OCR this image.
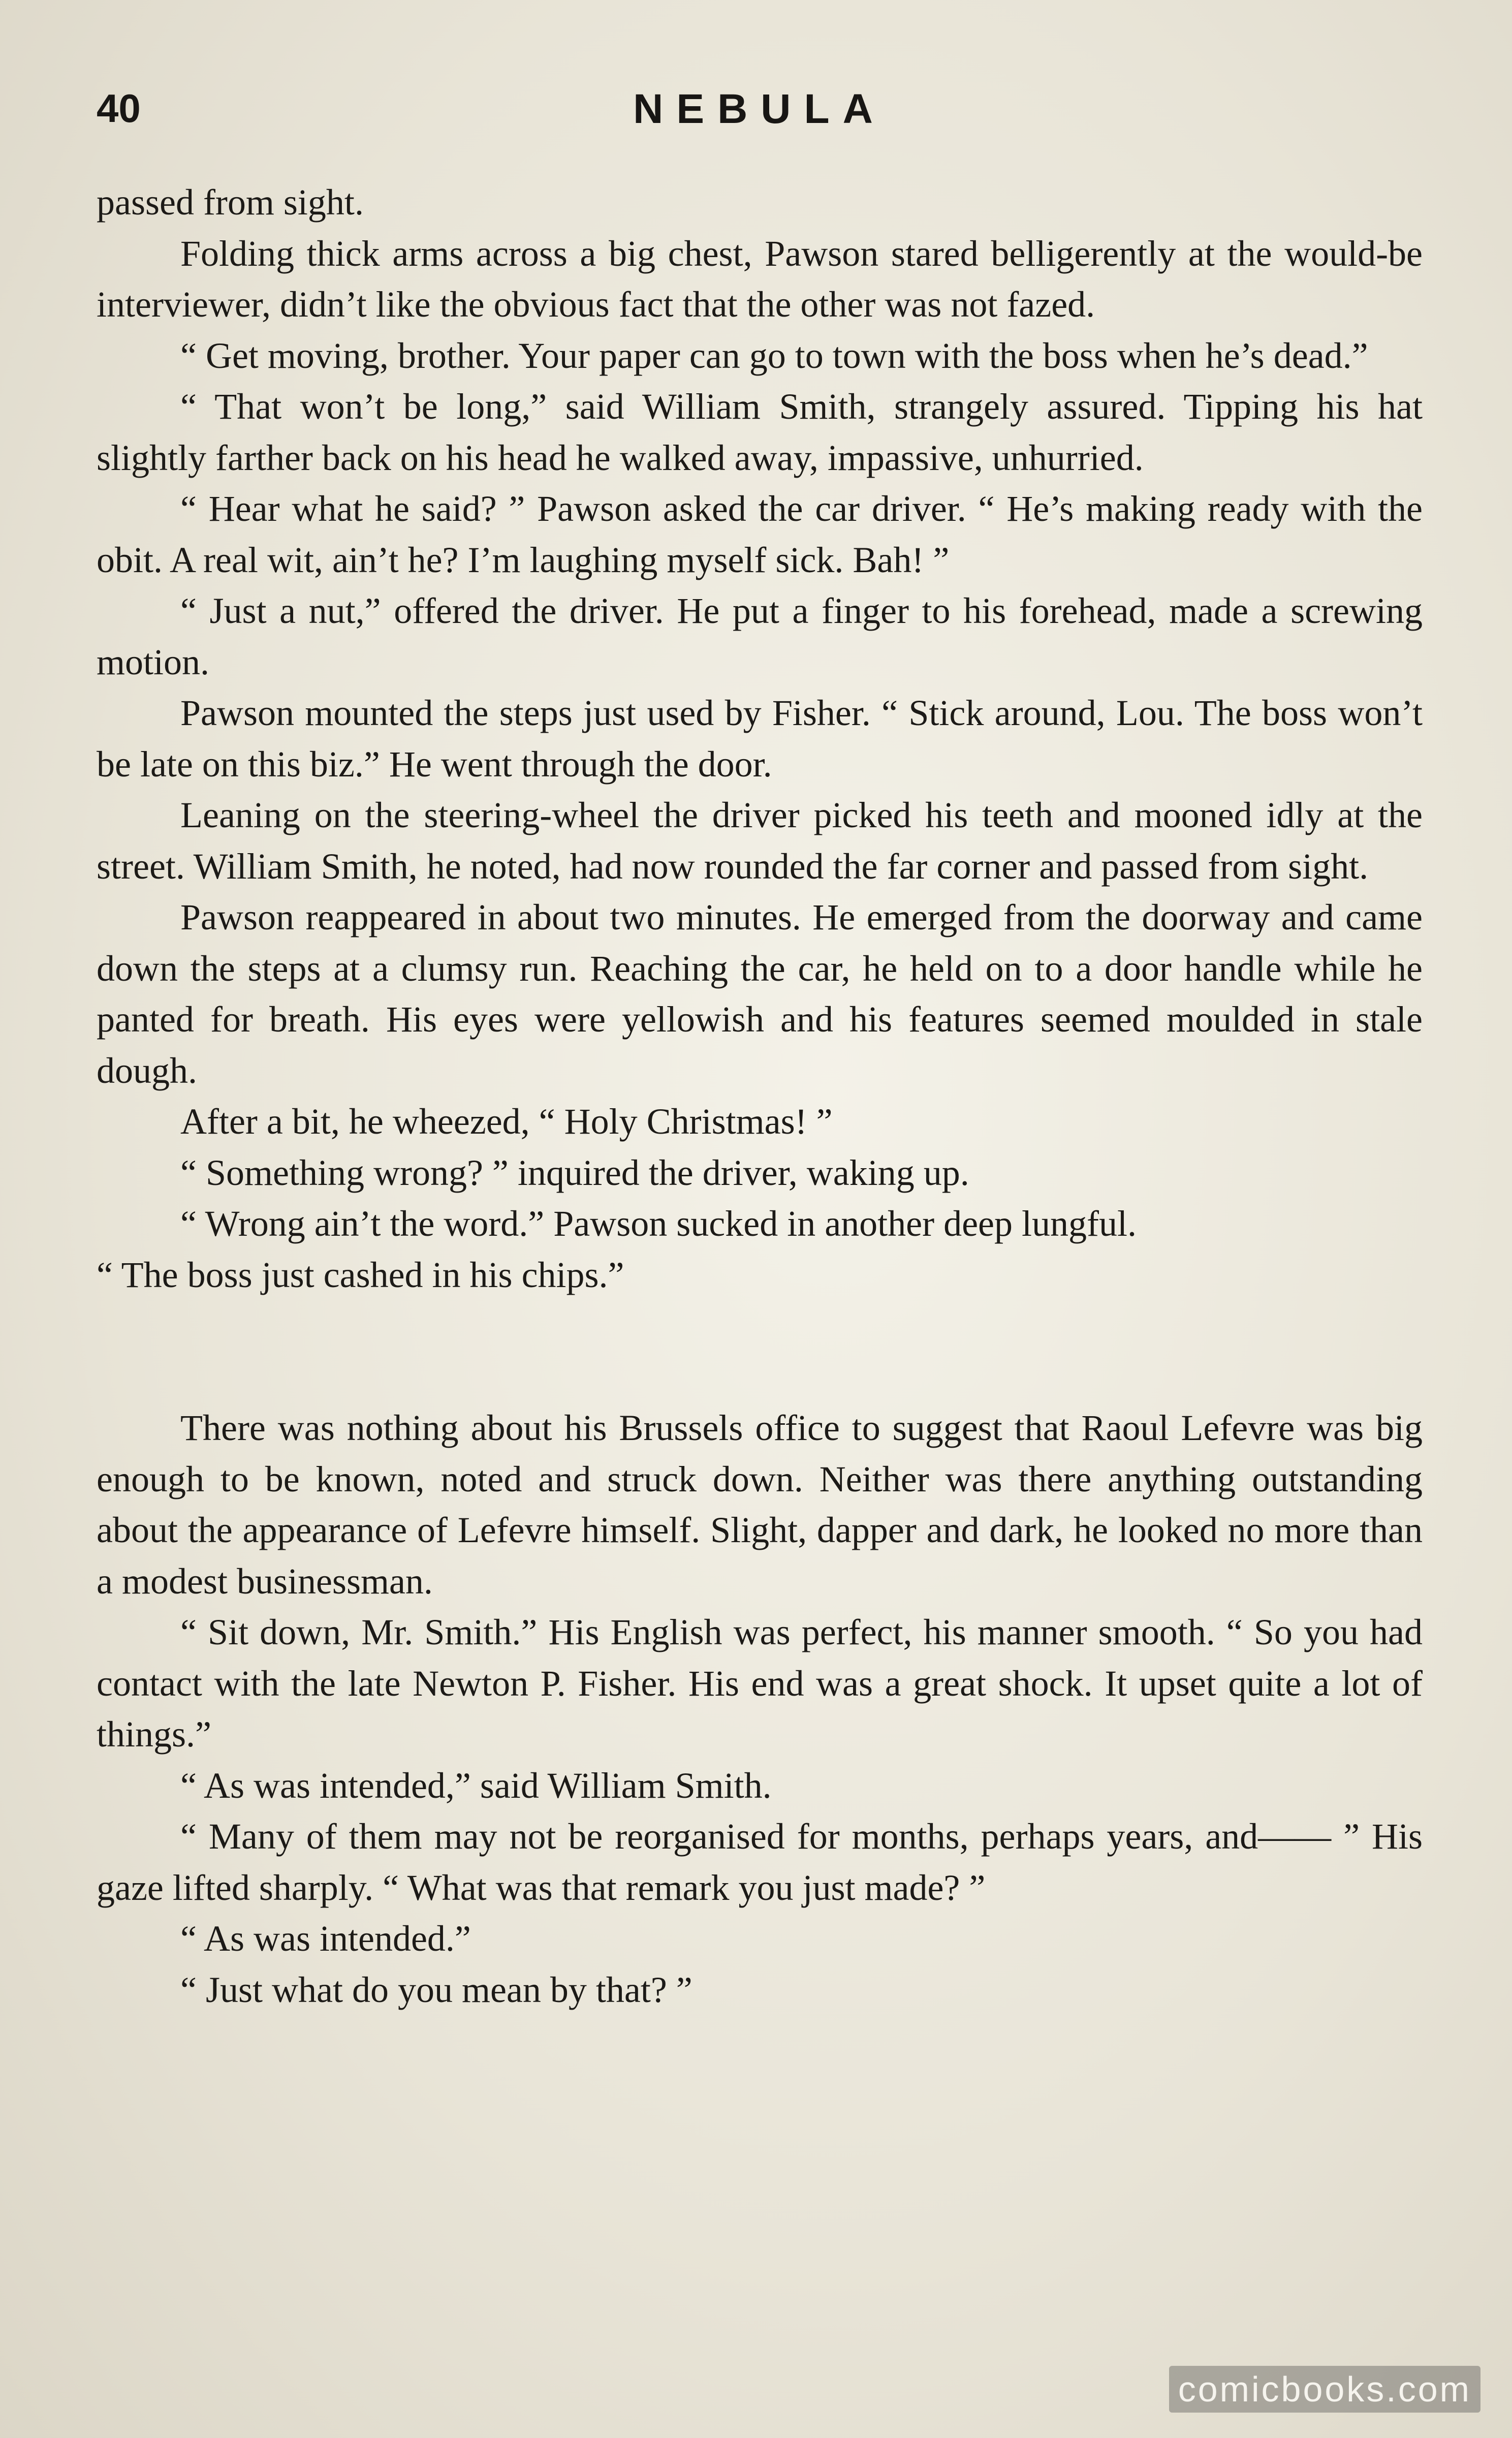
40	NEBULA

passed from sight.

Folding thick arms across a big chest, Pawson stared belligerently at the would-be interviewer, didn’t like the obvious fact that the other was not fazed.

“ Get moving, brother. Your paper can go to town with the boss when he’s dead.”

“ That won’t be long,” said William Smith, strangely assured. Tipping his hat slightly farther back on his head he walked away, impassive, unhurried.

“ Hear what he said? ” Pawson asked the car driver. “ He’s making ready with the obit. A real wit, ain’t he? I’m laughing myself sick. Bah! ”

“ Just a nut,” offered the driver. He put a finger to his forehead, made a screwing motion.

Pawson mounted the steps just used by Fisher. “ Stick around, Lou. The boss won’t be late on this biz.” He went through the door.

Leaning on the steering-wheel the driver picked his teeth and mooned idly at the street. William Smith, he noted, had now rounded the far corner and passed from sight.

Pawson reappeared in about two minutes. He emerged from the doorway and came down the steps at a clumsy run. Reaching the car, he held on to a door handle while he panted for breath. His eyes were yellowish and his features seemed moulded in stale dough.

After a bit, he wheezed, “ Holy Christmas! ”

“ Something wrong? ” inquired the driver, waking up.

“ Wrong ain’t the word.” Pawson sucked in another deep lungful.

“ The boss just cashed in his chips.”

There was nothing about his Brussels office to suggest that Raoul Lefevre was big enough to be known, noted and struck down. Neither was there anything outstanding about the appearance of Lefevre himself. Slight, dapper and dark, he looked no more than a modest businessman.

“ Sit down, Mr. Smith.” His English was perfect, his manner smooth. “ So you had contact with the late Newton P. Fisher. His end was a great shock. It upset quite a lot of things.”

“ As was intended,” said William Smith.

“ Many of them may not be reorganised for months, perhaps years, and—— ” His gaze lifted sharply. “ What was that remark you just made? ”

“ As was intended.”

“ Just what do you mean by that? ”

comicbooks.com
